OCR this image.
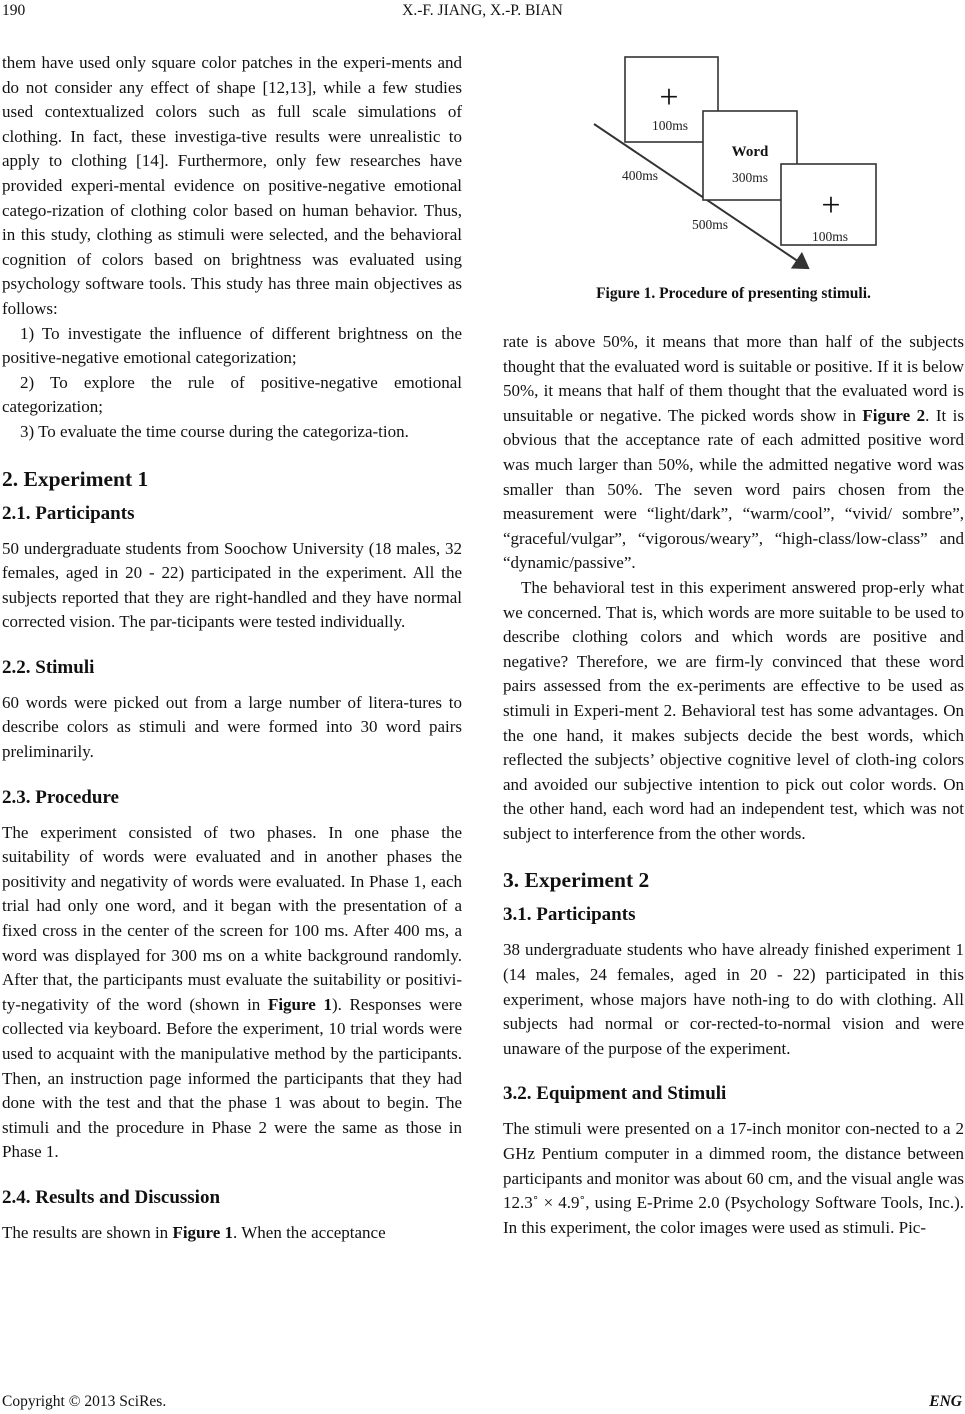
190	X.-F. JIANG, X.-P. BIAN

them have used only square color patches in the experi-ments and do not consider any effect of shape [12,13], while a few studies used contextualized colors such as full scale simulations of clothing. In fact, these investiga-tive results were unrealistic to apply to clothing [14]. Furthermore, only few researches have provided experi-mental evidence on positive-negative emotional catego-rization of clothing color based on human behavior. Thus, in this study, clothing as stimuli were selected, and the behavioral cognition of colors based on brightness was evaluated using psychology software tools. This study has three main objectives as follows:

1) To investigate the influence of different brightness on the positive-negative emotional categorization;

2) To explore the rule of positive-negative emotional categorization;

3) To evaluate the time course during the categoriza-tion.

2. Experiment 1
2.1. Participants

50 undergraduate students from Soochow University (18 males, 32 females, aged in 20 - 22) participated in the experiment. All the subjects reported that they are right-handled and they have normal corrected vision. The par-ticipants were tested individually.

2.2. Stimuli

60 words were picked out from a large number of litera-tures to describe colors as stimuli and were formed into 30 word pairs preliminarily.

2.3. Procedure

The experiment consisted of two phases. In one phase the suitability of words were evaluated and in another phases the positivity and negativity of words were evaluated. In Phase 1, each trial had only one word, and it began with the presentation of a fixed cross in the center of the screen for 100 ms. After 400 ms, a word was displayed for 300 ms on a white background randomly. After that, the participants must evaluate the suitability or positivi-ty-negativity of the word (shown in Figure 1). Responses were collected via keyboard. Before the experiment, 10 trial words were used to acquaint with the manipulative method by the participants. Then, an instruction page informed the participants that they had done with the test and that the phase 1 was about to begin. The stimuli and the procedure in Phase 2 were the same as those in Phase 1.

2.4. Results and Discussion

The results are shown in Figure 1. When the acceptance

+
100ms
Word
300ms
400ms
+
500ms
100ms
Figure 1. Procedure of presenting stimuli.

rate is above 50%, it means that more than half of the subjects thought that the evaluated word is suitable or positive. If it is below 50%, it means that half of them thought that the evaluated word is unsuitable or negative. The picked words show in Figure 2. It is obvious that the acceptance rate of each admitted positive word was much larger than 50%, while the admitted negative word was smaller than 50%. The seven word pairs chosen from the measurement were “light/dark”, “warm/cool”, “vivid/ sombre”, “graceful/vulgar”, “vigorous/weary”, “high-class/low-class” and “dynamic/passive”.

The behavioral test in this experiment answered prop-erly what we concerned. That is, which words are more suitable to be used to describe clothing colors and which words are positive and negative? Therefore, we are firm-ly convinced that these word pairs assessed from the ex-periments are effective to be used as stimuli in Experi-ment 2. Behavioral test has some advantages. On the one hand, it makes subjects decide the best words, which reflected the subjects’ objective cognitive level of cloth-ing colors and avoided our subjective intention to pick out color words. On the other hand, each word had an independent test, which was not subject to interference from the other words.

3. Experiment 2
3.1. Participants

38 undergraduate students who have already finished experiment 1 (14 males, 24 females, aged in 20 - 22) participated in this experiment, whose majors have noth-ing to do with clothing. All subjects had normal or cor-rected-to-normal vision and were unaware of the purpose of the experiment.

3.2. Equipment and Stimuli

The stimuli were presented on a 17-inch monitor con-nected to a 2 GHz Pentium computer in a dimmed room, the distance between participants and monitor was about 60 cm, and the visual angle was 12.3˚ × 4.9˚, using E-Prime 2.0 (Psychology Software Tools, Inc.). In this experiment, the color images were used as stimuli. Pic-

Copyright © 2013 SciRes.	ENG
